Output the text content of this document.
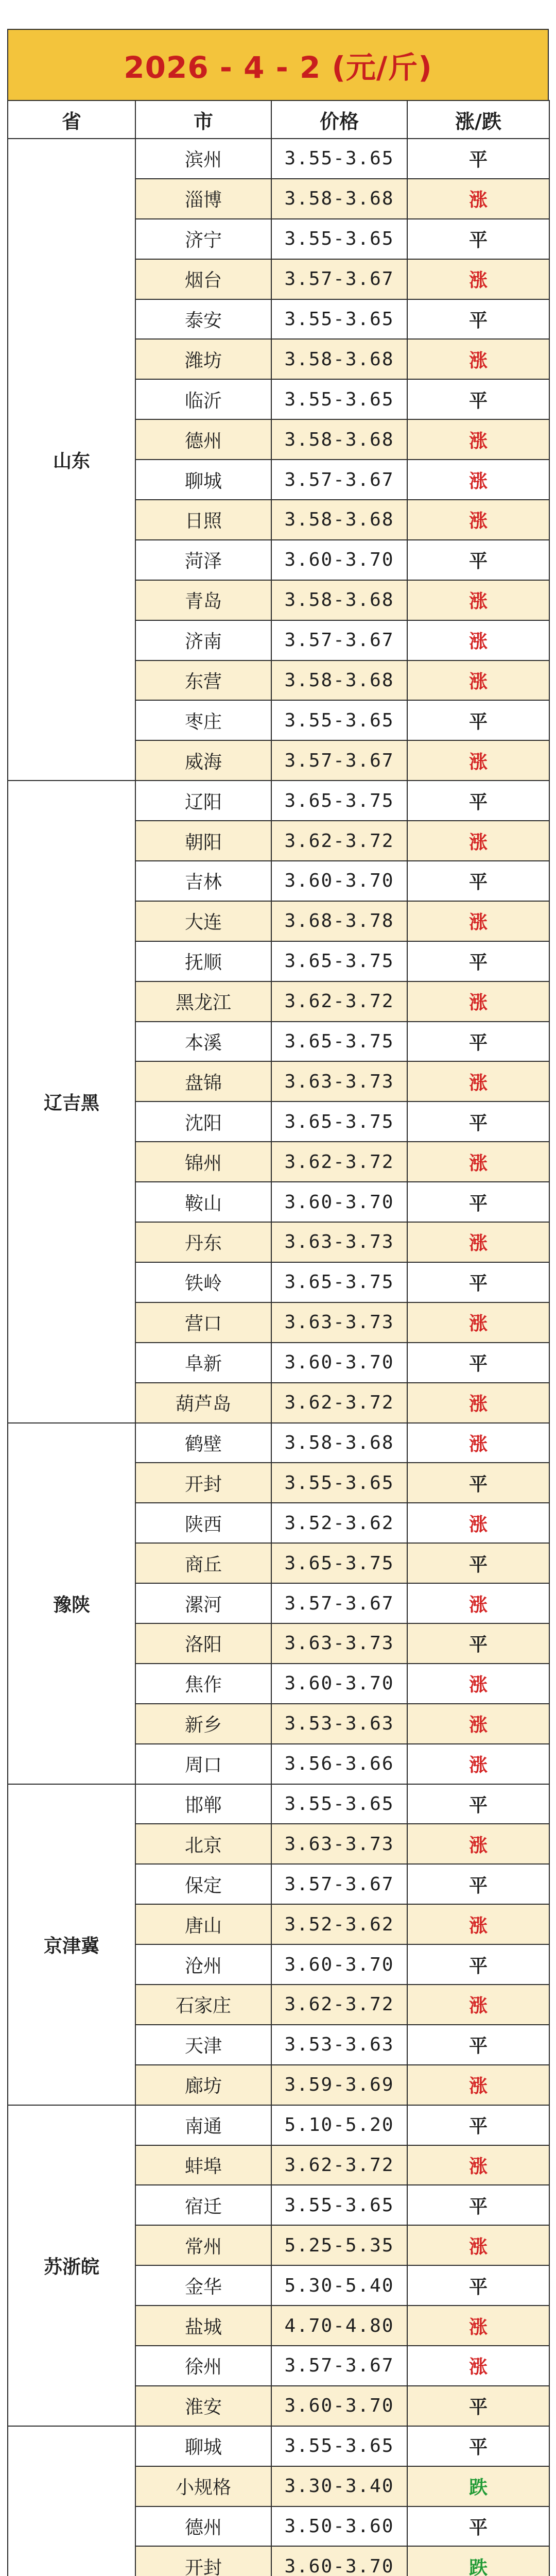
2026 - 4 - 2 (元/斤)
省	市	价格	涨/跌
山东	滨州	3.55-3.65	平
	淄博	3.58-3.68	涨
	济宁	3.55-3.65	平
	烟台	3.57-3.67	涨
	泰安	3.55-3.65	平
	潍坊	3.58-3.68	涨
	临沂	3.55-3.65	平
	德州	3.58-3.68	涨
	聊城	3.57-3.67	涨
	日照	3.58-3.68	涨
	菏泽	3.60-3.70	平
	青岛	3.58-3.68	涨
	济南	3.57-3.67	涨
	东营	3.58-3.68	涨
	枣庄	3.55-3.65	平
	威海	3.57-3.67	涨
辽吉黑	辽阳	3.65-3.75	平
	朝阳	3.62-3.72	涨
	吉林	3.60-3.70	平
	大连	3.68-3.78	涨
	抚顺	3.65-3.75	平
	黑龙江	3.62-3.72	涨
	本溪	3.65-3.75	平
	盘锦	3.63-3.73	涨
	沈阳	3.65-3.75	平
	锦州	3.62-3.72	涨
	鞍山	3.60-3.70	平
	丹东	3.63-3.73	涨
	铁岭	3.65-3.75	平
	营口	3.63-3.73	涨
	阜新	3.60-3.70	平
	葫芦岛	3.62-3.72	涨
豫陕	鹤壁	3.58-3.68	涨
	开封	3.55-3.65	平
	陕西	3.52-3.62	涨
	商丘	3.65-3.75	平
	漯河	3.57-3.67	涨
	洛阳	3.63-3.73	平
	焦作	3.60-3.70	涨
	新乡	3.53-3.63	涨
	周口	3.56-3.66	涨
京津冀	邯郸	3.55-3.65	平
	北京	3.63-3.73	涨
	保定	3.57-3.67	平
	唐山	3.52-3.62	涨
	沧州	3.60-3.70	平
	石家庄	3.62-3.72	涨
	天津	3.53-3.63	平
	廊坊	3.59-3.69	涨
苏浙皖	南通	5.10-5.20	平
	蚌埠	3.62-3.72	涨
	宿迁	3.55-3.65	平
	常州	5.25-5.35	涨
	金华	5.30-5.40	平
	盐城	4.70-4.80	涨
	徐州	3.57-3.67	涨
	淮安	3.60-3.70	平
	聊城	3.55-3.65	平
	小规格	3.30-3.40	跌
	德州	3.50-3.60	平
	开封	3.60-3.70	跌
